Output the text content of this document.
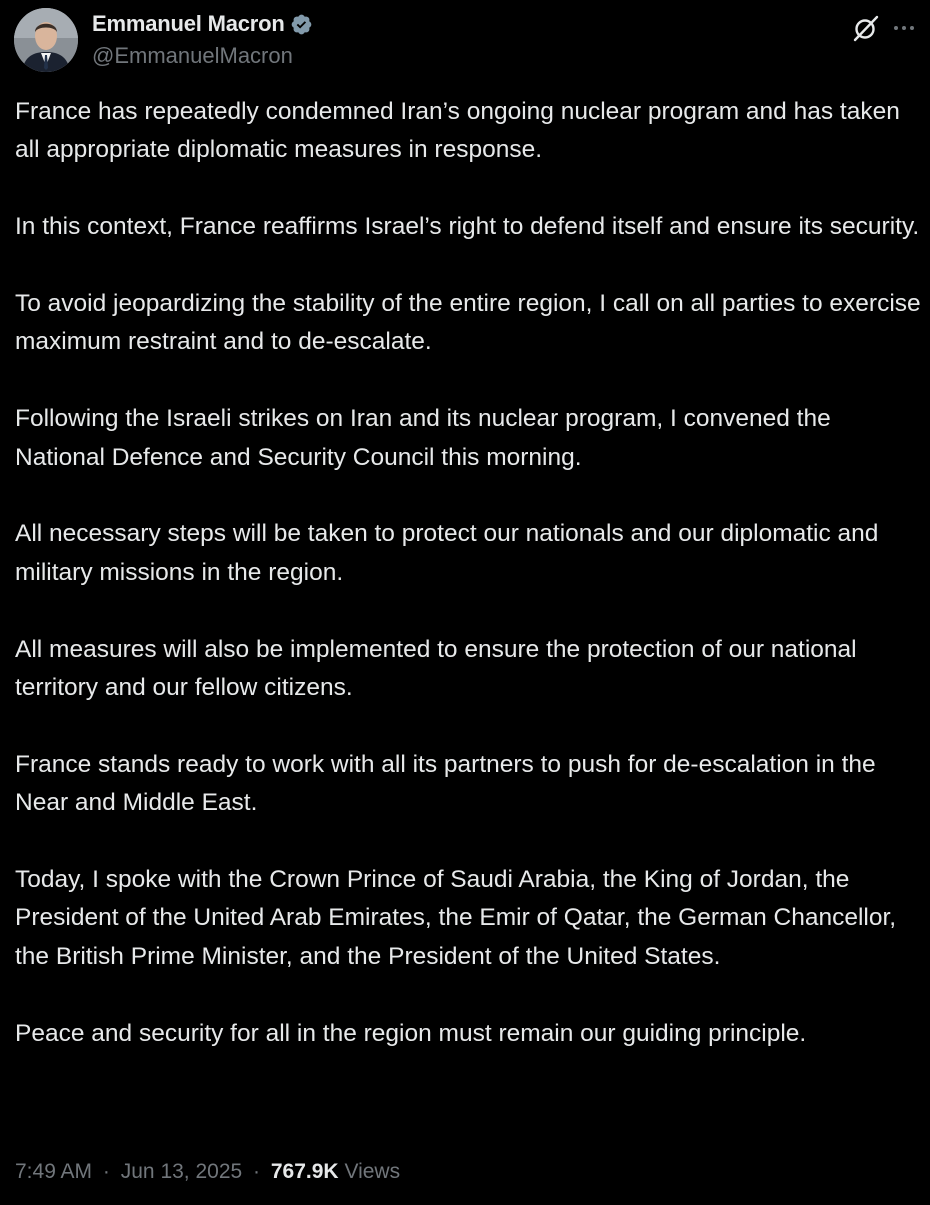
Emmanuel Macron
@EmmanuelMacron

France has repeatedly condemned Iran’s ongoing nuclear program and has taken all appropriate diplomatic measures in response.

In this context, France reaffirms Israel’s right to defend itself and ensure its security.

To avoid jeopardizing the stability of the entire region, I call on all parties to exercise maximum restraint and to de-escalate.

Following the Israeli strikes on Iran and its nuclear program, I convened the National Defence and Security Council this morning.

All necessary steps will be taken to protect our nationals and our diplomatic and military missions in the region.

All measures will also be implemented to ensure the protection of our national territory and our fellow citizens.

France stands ready to work with all its partners to push for de-escalation in the Near and Middle East.

Today, I spoke with the Crown Prince of Saudi Arabia, the King of Jordan, the President of the United Arab Emirates, the Emir of Qatar, the German Chancellor, the British Prime Minister, and the President of the United States.

Peace and security for all in the region must remain our guiding principle.

7:49 AM · Jun 13, 2025 · 767.9K Views
